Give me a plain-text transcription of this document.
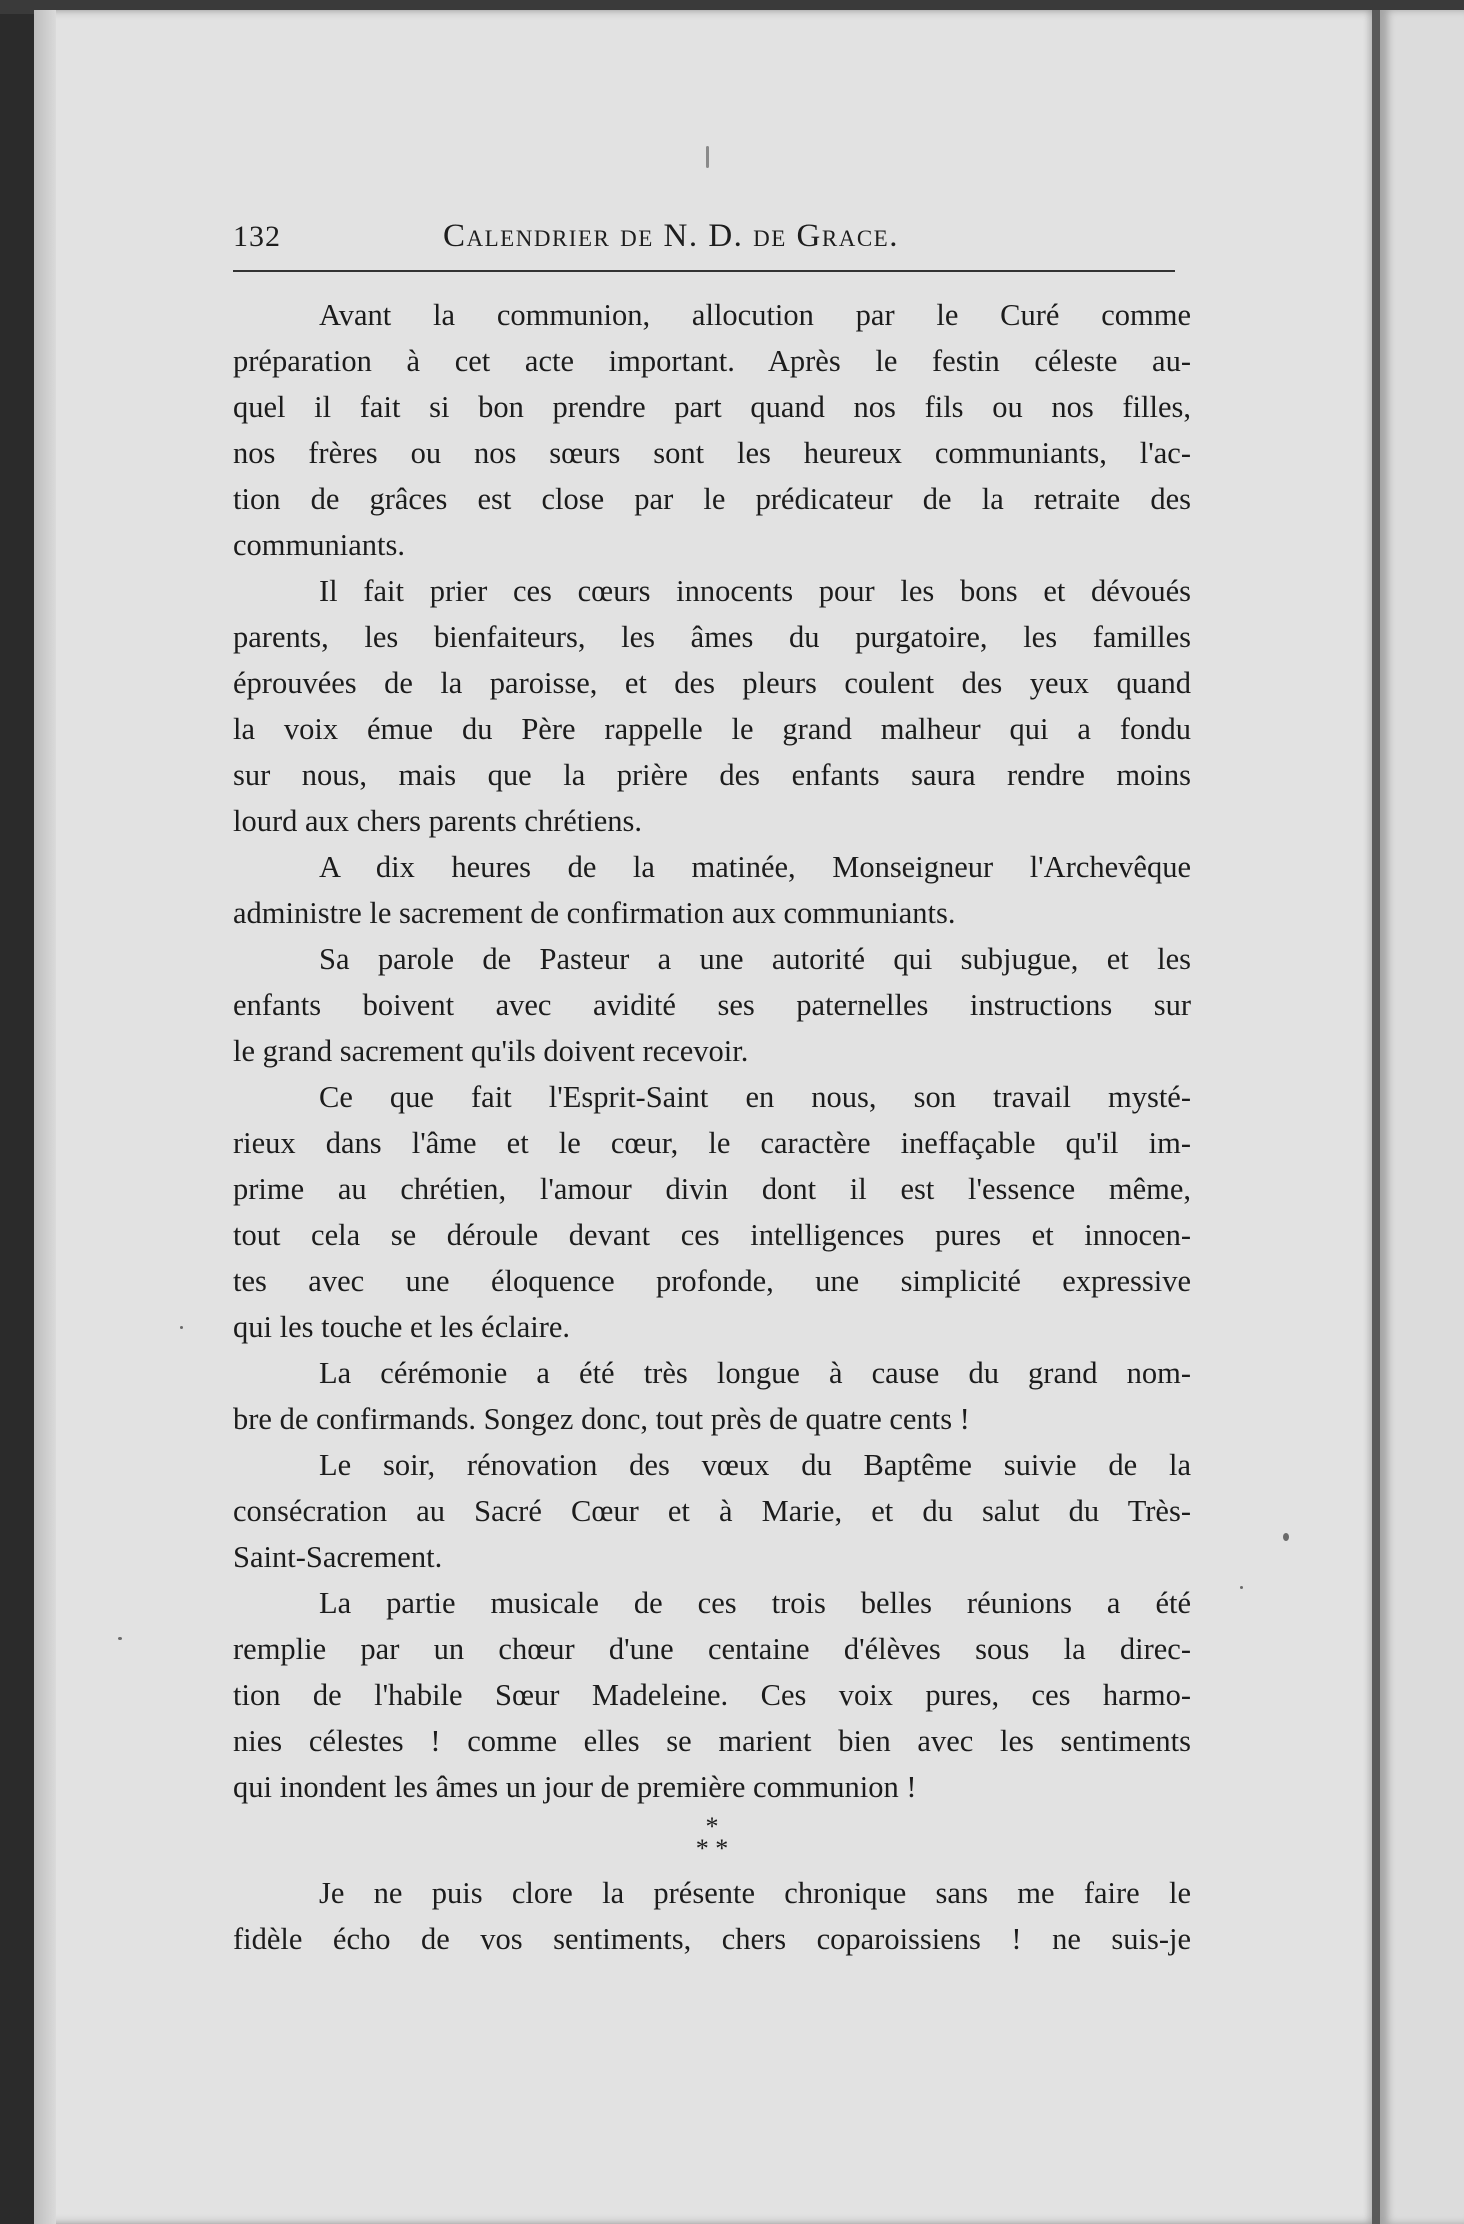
132	Calendrier de N. D. de Grace.
Avant la communion, allocution par le Curé comme
préparation à cet acte important. Après le festin céleste au-
quel il fait si bon prendre part quand nos fils ou nos filles,
nos frères ou nos sœurs sont les heureux communiants, l'ac-
tion de grâces est close par le prédicateur de la retraite des
communiants.
Il fait prier ces cœurs innocents pour les bons et dévoués
parents, les bienfaiteurs, les âmes du purgatoire, les familles
éprouvées de la paroisse, et des pleurs coulent des yeux quand
la voix émue du Père rappelle le grand malheur qui a fondu
sur nous, mais que la prière des enfants saura rendre moins
lourd aux chers parents chrétiens.
A dix heures de la matinée, Monseigneur l'Archevêque
administre le sacrement de confirmation aux communiants.
Sa parole de Pasteur a une autorité qui subjugue, et les
enfants boivent avec avidité ses paternelles instructions sur
le grand sacrement qu'ils doivent recevoir.
Ce que fait l'Esprit-Saint en nous, son travail mysté-
rieux dans l'âme et le cœur, le caractère ineffaçable qu'il im-
prime au chrétien, l'amour divin dont il est l'essence même,
tout cela se déroule devant ces intelligences pures et innocen-
tes avec une éloquence profonde, une simplicité expressive
qui les touche et les éclaire.
La cérémonie a été très longue à cause du grand nom-
bre de confirmands. Songez donc, tout près de quatre cents !
Le soir, rénovation des vœux du Baptême suivie de la
consécration au Sacré Cœur et à Marie, et du salut du Très-
Saint-Sacrement.
La partie musicale de ces trois belles réunions a été
remplie par un chœur d'une centaine d'élèves sous la direc-
tion de l'habile Sœur Madeleine. Ces voix pures, ces harmo-
nies célestes ! comme elles se marient bien avec les sentiments
qui inondent les âmes un jour de première communion !
*
* *
Je ne puis clore la présente chronique sans me faire le
fidèle écho de vos sentiments, chers coparoissiens ! ne suis-je
